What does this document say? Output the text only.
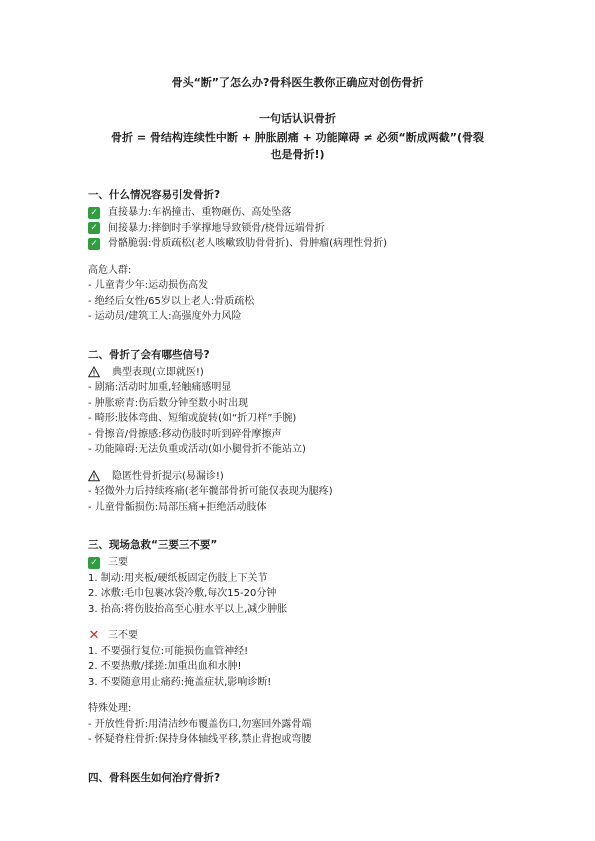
骨头“断”了怎么办?骨科医生教你正确应对创伤骨折
一句话认识骨折
骨折 = 骨结构连续性中断 + 肿胀剧痛 + 功能障碍 ≠ 必须“断成两截”(骨裂
也是骨折!)
一、什么情况容易引发骨折?
✓ 直接暴力:车祸撞击、重物砸伤、高处坠落
✓ 间接暴力:摔倒时手掌撑地导致锁骨/桡骨远端骨折
✓ 骨骼脆弱:骨质疏松(老人咳嗽致肋骨骨折)、骨肿瘤(病理性骨折)
高危人群:
- 儿童青少年:运动损伤高发
- 绝经后女性/65岁以上老人:骨质疏松
- 运动员/建筑工人:高强度外力风险
二、骨折了会有哪些信号?
典型表现(立即就医!)
- 剧痛:活动时加重,轻触痛感明显
- 肿胀瘀青:伤后数分钟至数小时出现
- 畸形:肢体弯曲、短缩或旋转(如“折刀样”手腕)
- 骨擦音/骨擦感:移动伤肢时听到碎骨摩擦声
- 功能障碍:无法负重或活动(如小腿骨折不能站立)
隐匿性骨折提示(易漏诊!)
- 轻微外力后持续疼痛(老年髋部骨折可能仅表现为腿疼)
- 儿童骨骺损伤:局部压痛+拒绝活动肢体
三、现场急救“三要三不要”
✓ 三要
1. 制动:用夹板/硬纸板固定伤肢上下关节
2. 冰敷:毛巾包裹冰袋冷敷,每次15-20分钟
3. 抬高:将伤肢抬高至心脏水平以上,减少肿胀
✕ 三不要
1. 不要强行复位:可能损伤血管神经!
2. 不要热敷/揉搓:加重出血和水肿!
3. 不要随意用止痛药:掩盖症状,影响诊断!
特殊处理:
- 开放性骨折:用清洁纱布覆盖伤口,勿塞回外露骨端
- 怀疑脊柱骨折:保持身体轴线平移,禁止背抱或弯腰
四、骨科医生如何治疗骨折?
